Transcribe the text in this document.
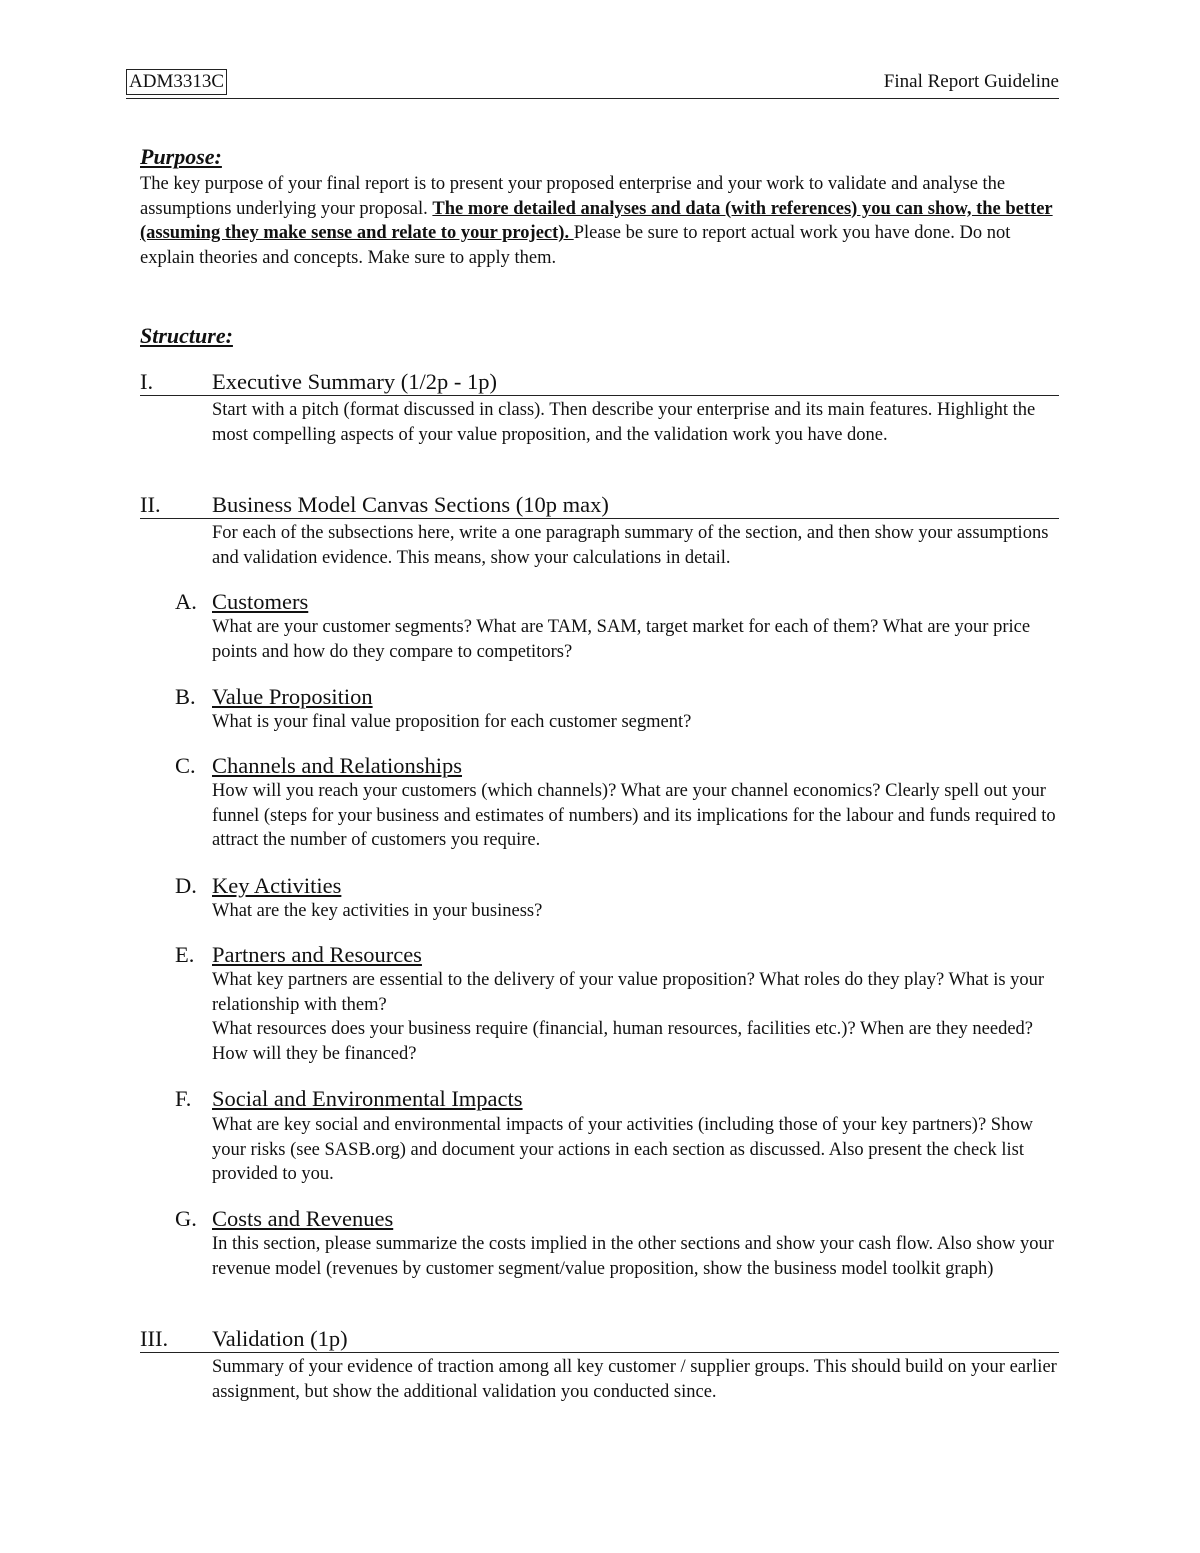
ADM3313C	Final Report Guideline
Purpose:

The key purpose of your final report is to present your proposed enterprise and your work to validate and analyse the assumptions underlying your proposal. The more detailed analyses and data (with references) you can show, the better (assuming they make sense and relate to your project). Please be sure to report actual work you have done. Do not explain theories and concepts. Make sure to apply them.

Structure:
I.	Executive Summary (1/2p - 1p)

Start with a pitch (format discussed in class). Then describe your enterprise and its main features. Highlight the most compelling aspects of your value proposition, and the validation work you have done.

II. Business Model Canvas Sections (10p max)

For each of the subsections here, write a one paragraph summary of the section, and then show your assumptions and validation evidence. This means, show your calculations in detail.

A. Customers

What are your customer segments? What are TAM, SAM, target market for each of them? What are your price points and how do they compare to competitors?

B. Value Proposition

What is your final value proposition for each customer segment?

C. Channels and Relationships

How will you reach your customers (which channels)? What are your channel economics? Clearly spell out your funnel (steps for your business and estimates of numbers) and its implications for the labour and funds required to attract the number of customers you require.

D. Key Activities

What are the key activities in your business?

E. Partners and Resources

What key partners are essential to the delivery of your value proposition? What roles do they play? What is your relationship with them?

What resources does your business require (financial, human resources, facilities etc.)? When are they needed? How will they be financed?

F. Social and Environmental Impacts

What are key social and environmental impacts of your activities (including those of your key partners)? Show your risks (see SASB.org) and document your actions in each section as discussed. Also present the check list provided to you.

G. Costs and Revenues

In this section, please summarize the costs implied in the other sections and show your cash flow. Also show your revenue model (revenues by customer segment/value proposition, show the business model toolkit graph)

III. Validation (1p)

Summary of your evidence of traction among all key customer / supplier groups. This should build on your earlier assignment, but show the additional validation you conducted since.
